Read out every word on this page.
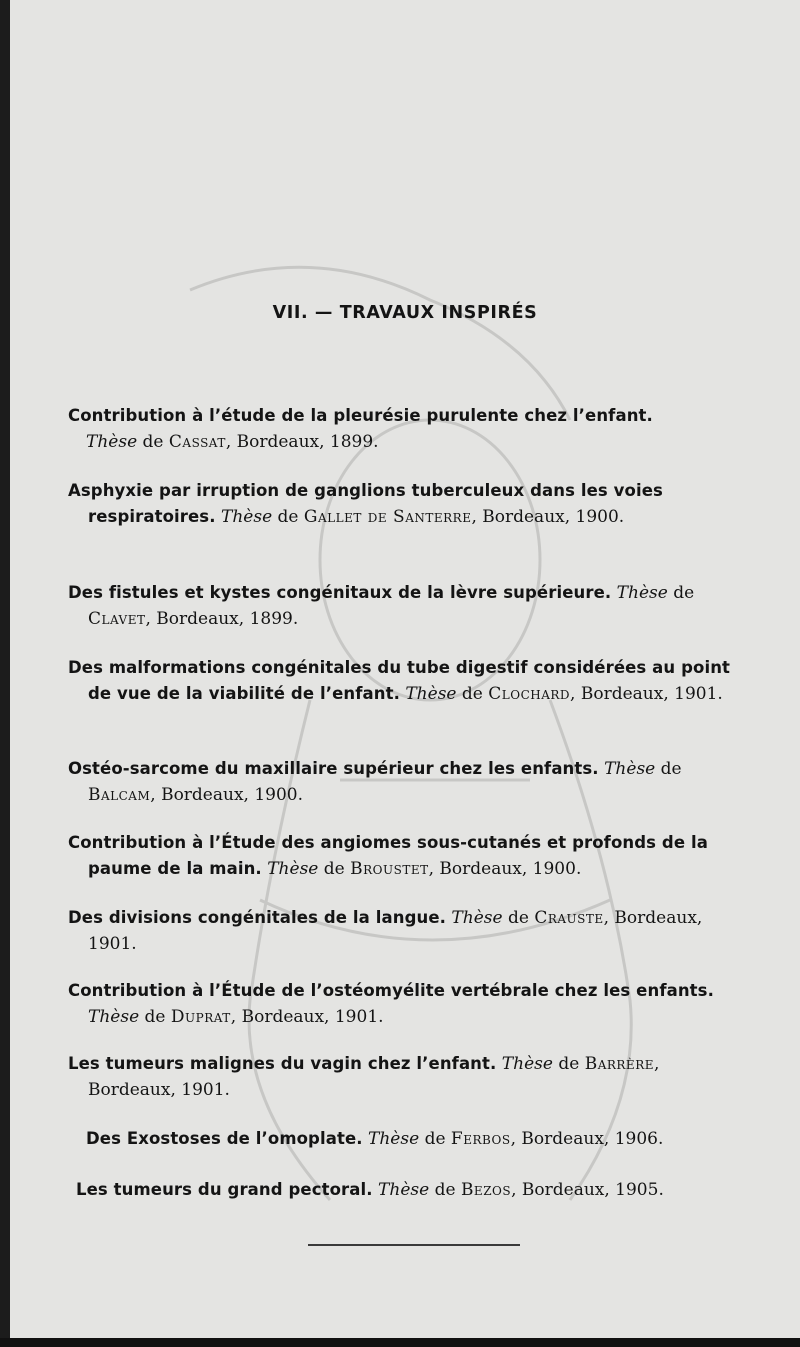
VII. — TRAVAUX INSPIRÉS
Contribution à l’étude de la pleurésie purulente chez l’enfant.
Thèse de Cassat, Bordeaux, 1899.
Asphyxie par irruption de ganglions tuberculeux dans les voies respiratoires. Thèse de Gallet de Santerre, Bordeaux, 1900.
Des fistules et kystes congénitaux de la lèvre supérieure. Thèse de Clavet, Bordeaux, 1899.
Des malformations congénitales du tube digestif considérées au point de vue de la viabilité de l’enfant. Thèse de Clochard, Bordeaux, 1901.
Ostéo-sarcome du maxillaire supérieur chez les enfants. Thèse de Balcam, Bordeaux, 1900.
Contribution à l’Étude des angiomes sous-cutanés et profonds de la paume de la main. Thèse de Broustet, Bordeaux, 1900.
Des divisions congénitales de la langue. Thèse de Crauste, Bordeaux, 1901.
Contribution à l’Étude de l’ostéomyélite vertébrale chez les enfants. Thèse de Duprat, Bordeaux, 1901.
Les tumeurs malignes du vagin chez l’enfant. Thèse de Barrère, Bordeaux, 1901.
Des Exostoses de l’omoplate. Thèse de Ferbos, Bordeaux, 1906.
Les tumeurs du grand pectoral. Thèse de Bezos, Bordeaux, 1905.
